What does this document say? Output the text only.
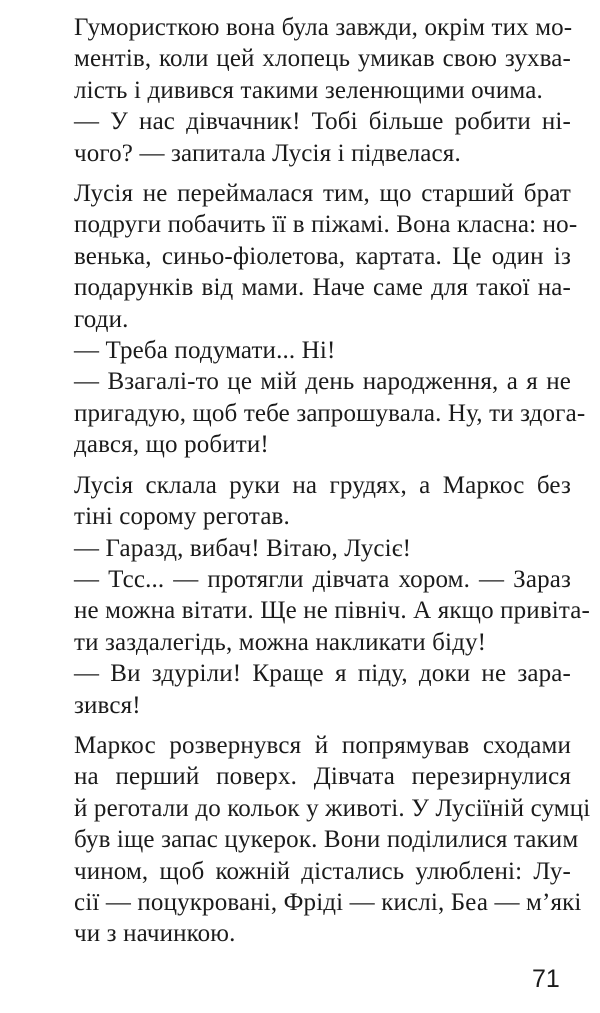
Гумористкою вона була завжди, окрім тих мо-
ментів, коли цей хлопець умикав свою зухва-
лість і дивився такими зеленющими очима.
— У нас дівчачник! Тобі більше робити ні-
чого? — запитала Лусія і підвелася.
Лусія не переймалася тим, що старший брат
подруги побачить її в піжамі. Вона класна: но-
венька, синьо-фіолетова, картата. Це один із
подарунків від мами. Наче саме для такої на-
годи.
— Треба подумати... Ні!
— Взагалі-то це мій день народження, а я не
пригадую, щоб тебе запрошувала. Ну, ти здога-
дався, що робити!
Лусія склала руки на грудях, а Маркос без
тіні сорому реготав.
— Гаразд, вибач! Вітаю, Лусіє!
— Тсс... — протягли дівчата хором. — Зараз
не можна вітати. Ще не північ. А якщо привіта-
ти заздалегідь, можна накликати біду!
— Ви здуріли! Краще я піду, доки не зара-
зився!
Маркос розвернувся й попрямував сходами
на перший поверх. Дівчата перезирнулися
й реготали до кольок у животі. У Лусіїній сумці
був іще запас цукерок. Вони поділилися таким
чином, щоб кожній дістались улюблені: Лу-
сії — поцукровані, Фріді — кислі, Беа — м’які
чи з начинкою.
71
